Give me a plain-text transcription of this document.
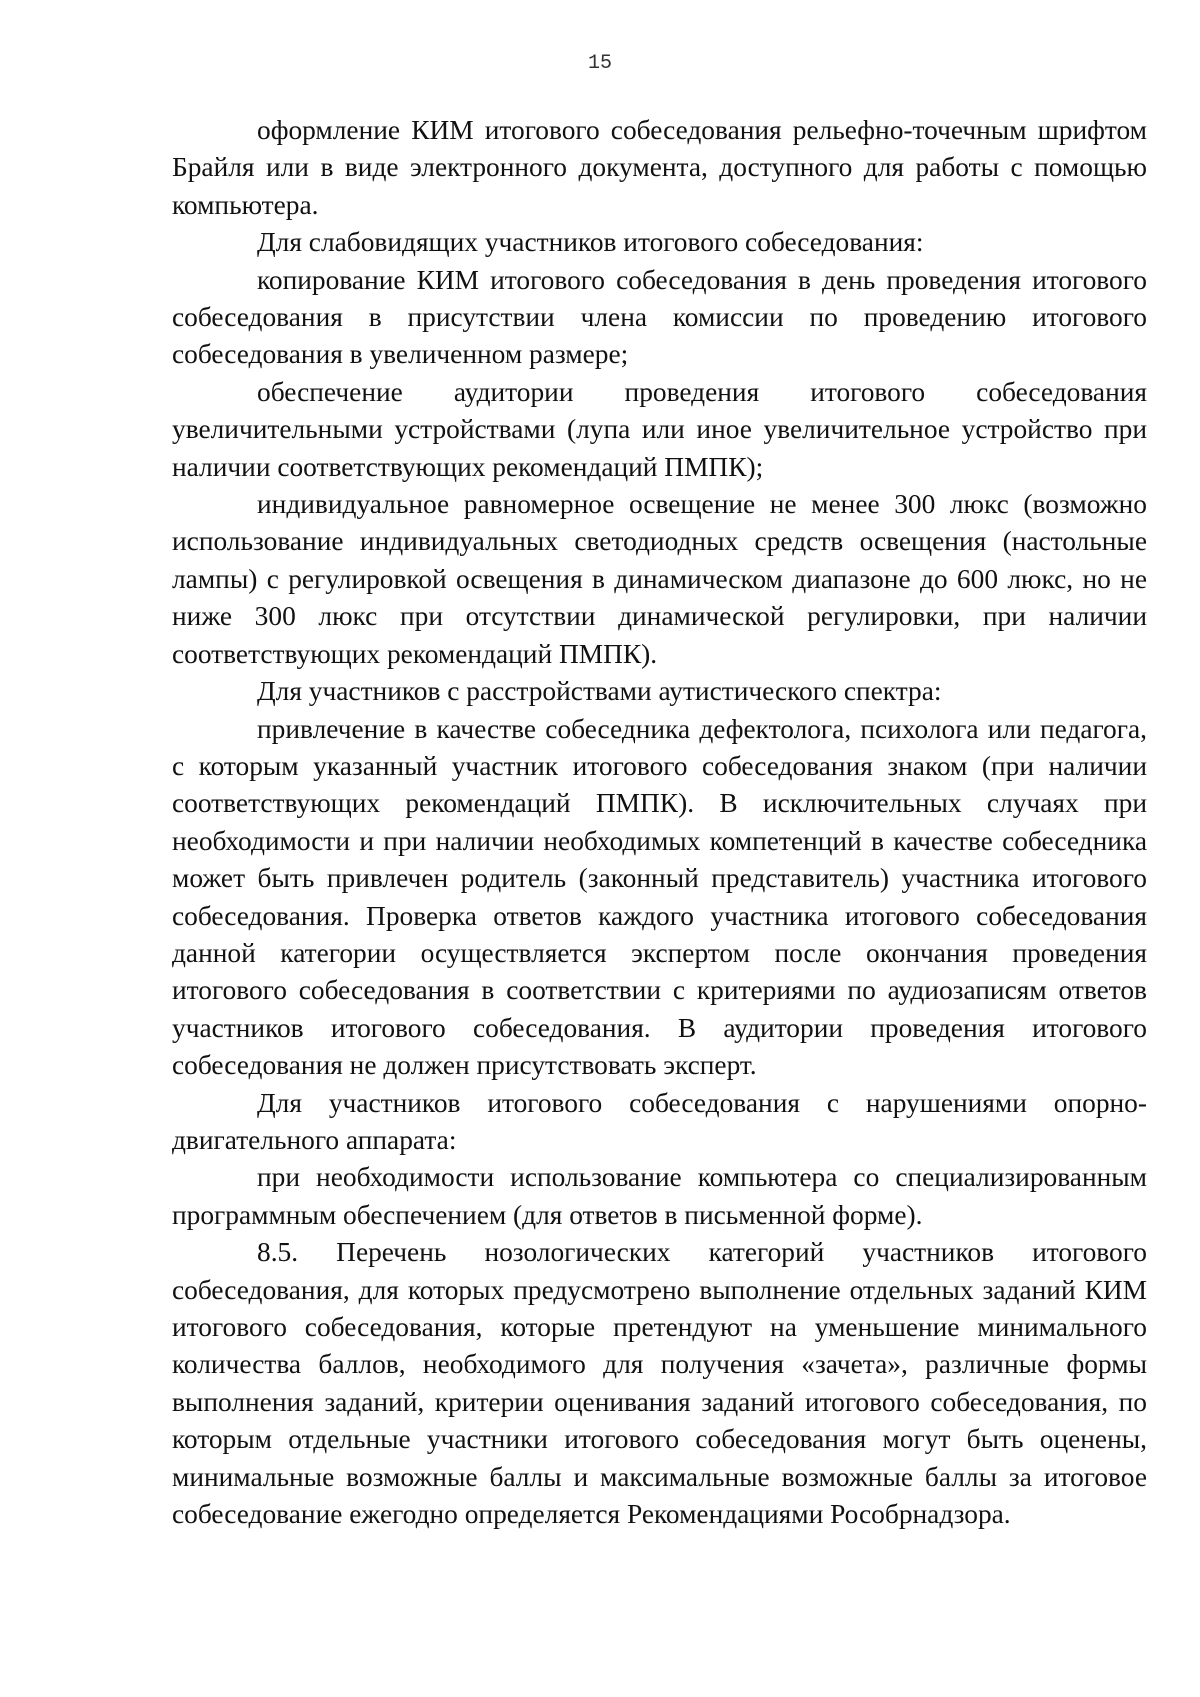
15

оформление КИМ итогового собеседования рельефно-точечным шрифтом Брайля или в виде электронного документа, доступного для работы с помощью компьютера.

Для слабовидящих участников итогового собеседования:

копирование КИМ итогового собеседования в день проведения итогового собеседования в присутствии члена комиссии по проведению итогового собеседования в увеличенном размере;

обеспечение аудитории проведения итогового собеседования увеличительными устройствами (лупа или иное увеличительное устройство при наличии соответствующих рекомендаций ПМПК);

индивидуальное равномерное освещение не менее 300 люкс (возможно использование индивидуальных светодиодных средств освещения (настольные лампы) с регулировкой освещения в динамическом диапазоне до 600 люкс, но не ниже 300 люкс при отсутствии динамической регулировки, при наличии соответствующих рекомендаций ПМПК).

Для участников с расстройствами аутистического спектра:

привлечение в качестве собеседника дефектолога, психолога или педагога, с которым указанный участник итогового собеседования знаком (при наличии соответствующих рекомендаций ПМПК). В исключительных случаях при необходимости и при наличии необходимых компетенций в качестве собеседника может быть привлечен родитель (законный представитель) участника итогового собеседования. Проверка ответов каждого участника итогового собеседования данной категории осуществляется экспертом после окончания проведения итогового собеседования в соответствии с критериями по аудиозаписям ответов участников итогового собеседования. В аудитории проведения итогового собеседования не должен присутствовать эксперт.

Для участников итогового собеседования с нарушениями опорно-двигательного аппарата:

при необходимости использование компьютера со специализированным программным обеспечением (для ответов в письменной форме).

8.5. Перечень нозологических категорий участников итогового собеседования, для которых предусмотрено выполнение отдельных заданий КИМ итогового собеседования, которые претендуют на уменьшение минимального количества баллов, необходимого для получения «зачета», различные формы выполнения заданий, критерии оценивания заданий итогового собеседования, по которым отдельные участники итогового собеседования могут быть оценены, минимальные возможные баллы и максимальные возможные баллы за итоговое собеседование ежегодно определяется Рекомендациями Рособрнадзора.
